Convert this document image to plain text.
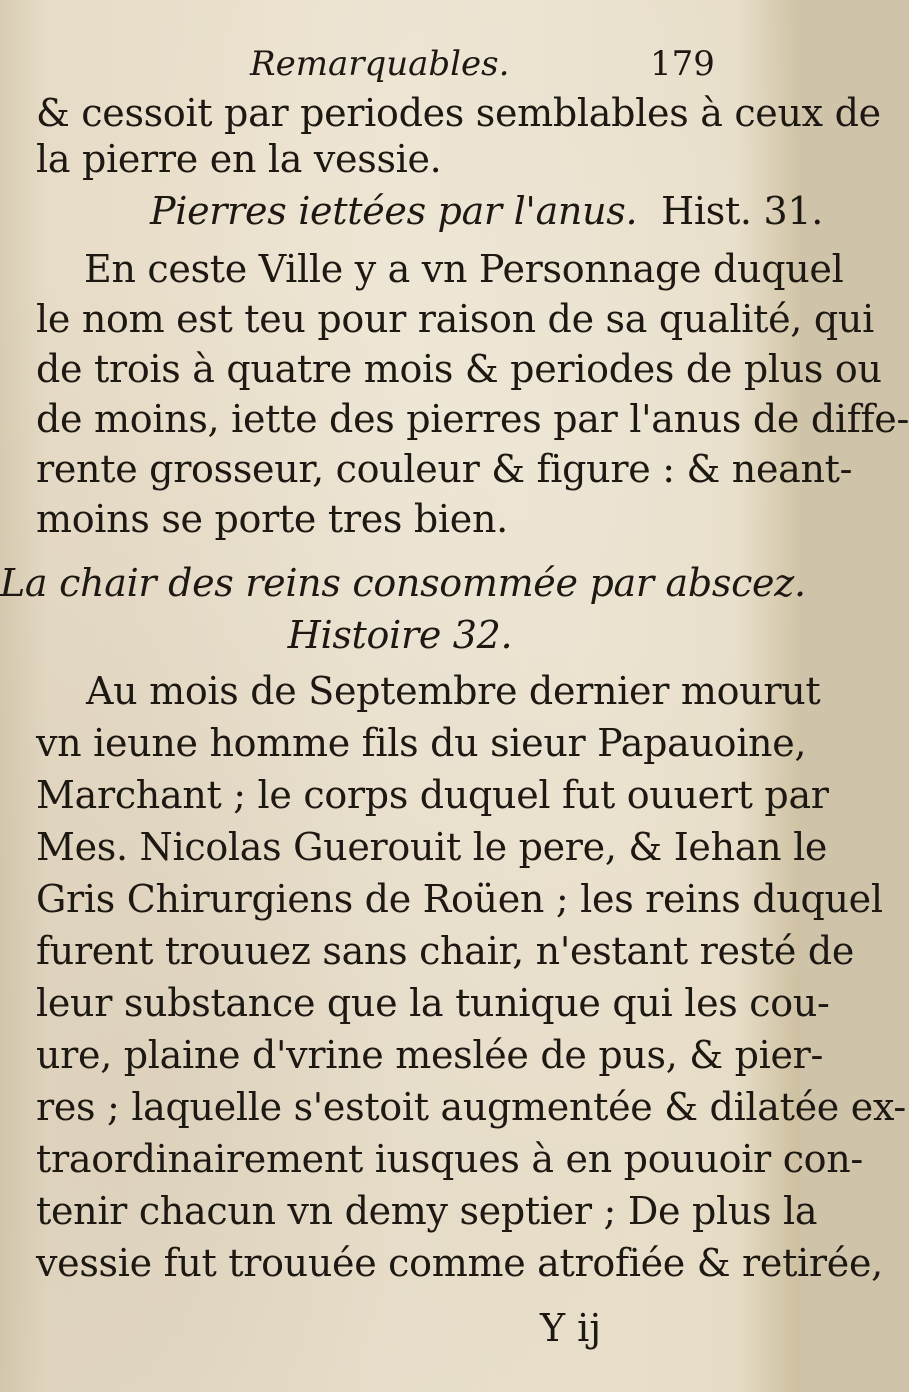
Remarquables.	179
& cessoit par periodes semblables à ceux de
la pierre en la vessie.
Pierres iettées par l'anus. Hist. 31.
En ceste Ville y a vn Personnage duquel
le nom est teu pour raison de sa qualité, qui
de trois à quatre mois & periodes de plus ou
de moins, iette des pierres par l'anus de diffe-
rente grosseur, couleur & figure : & neant-
moins se porte tres bien.
La chair des reins consommée par abscez.
Histoire 32.
Au mois de Septembre dernier mourut
vn ieune homme fils du sieur Papauoine,
Marchant ; le corps duquel fut ouuert par
Mes. Nicolas Guerouit le pere, & Iehan le
Gris Chirurgiens de Roüen ; les reins duquel
furent trouuez sans chair, n'estant resté de
leur substance que la tunique qui les cou-
ure, plaine d'vrine meslée de pus, & pier-
res ; laquelle s'estoit augmentée & dilatée ex-
traordinairement iusques à en pouuoir con-
tenir chacun vn demy septier ; De plus la
vessie fut trouuée comme atrofiée & retirée,
Y ij
